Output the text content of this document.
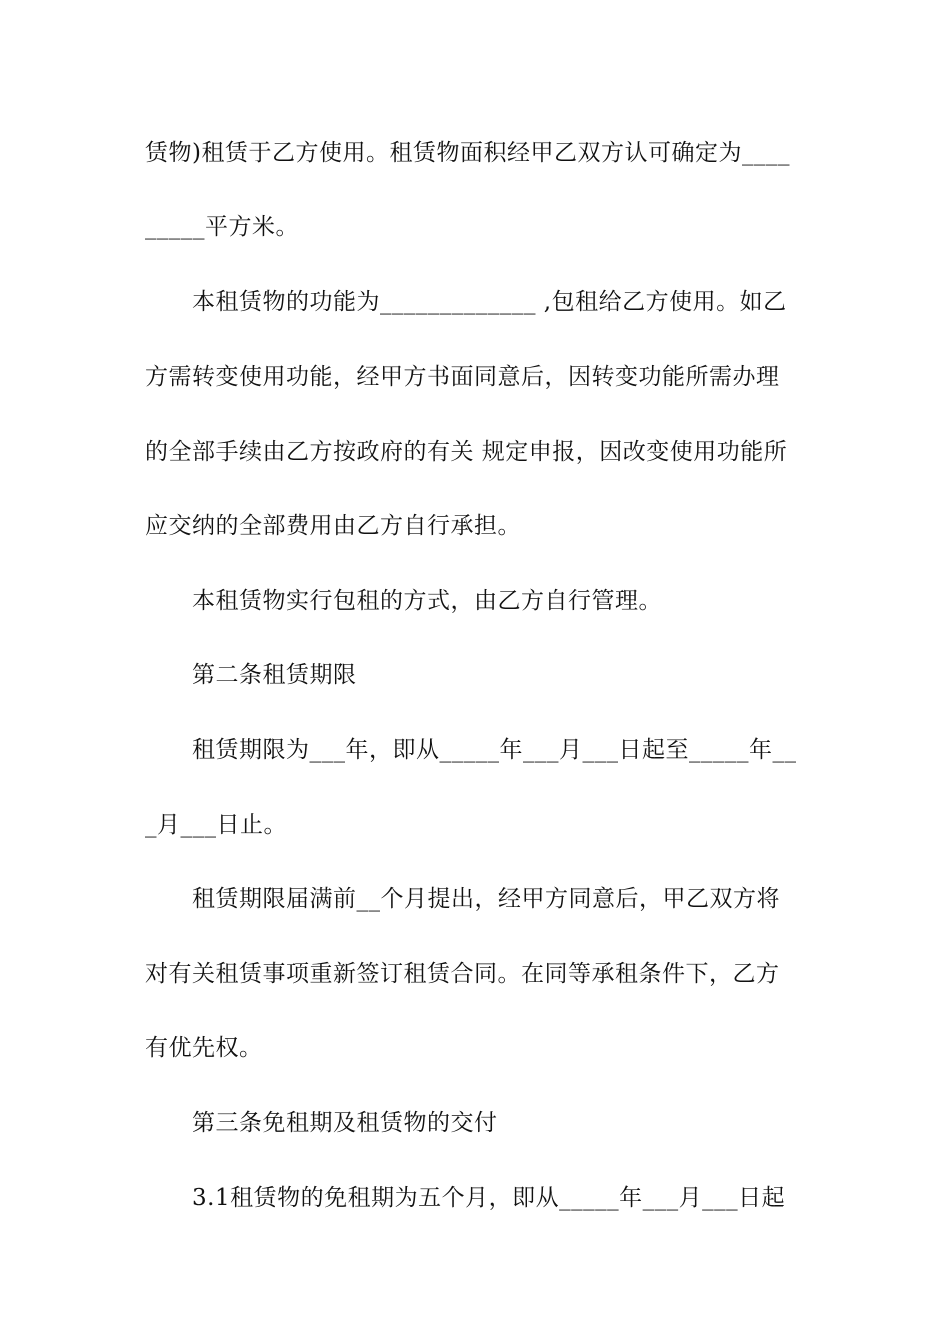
赁物)租赁于乙方使用。租赁物面积经甲乙双方认可确定为____
_____平方米。
本租赁物的功能为_____________ ,包租给乙方使用。如乙
方需转变使用功能，经甲方书面同意后，因转变功能所需办理
的全部手续由乙方按政府的有关 规定申报，因改变使用功能所
应交纳的全部费用由乙方自行承担。
本租赁物实行包租的方式，由乙方自行管理。
第二条租赁期限
租赁期限为___年，即从_____年___月___日起至_____年__
_月___日止。
租赁期限届满前__个月提出，经甲方同意后，甲乙双方将
对有关租赁事项重新签订租赁合同。在同等承租条件下，乙方
有优先权。
第三条免租期及租赁物的交付
3.1租赁物的免租期为五个月，即从_____年___月___日起
